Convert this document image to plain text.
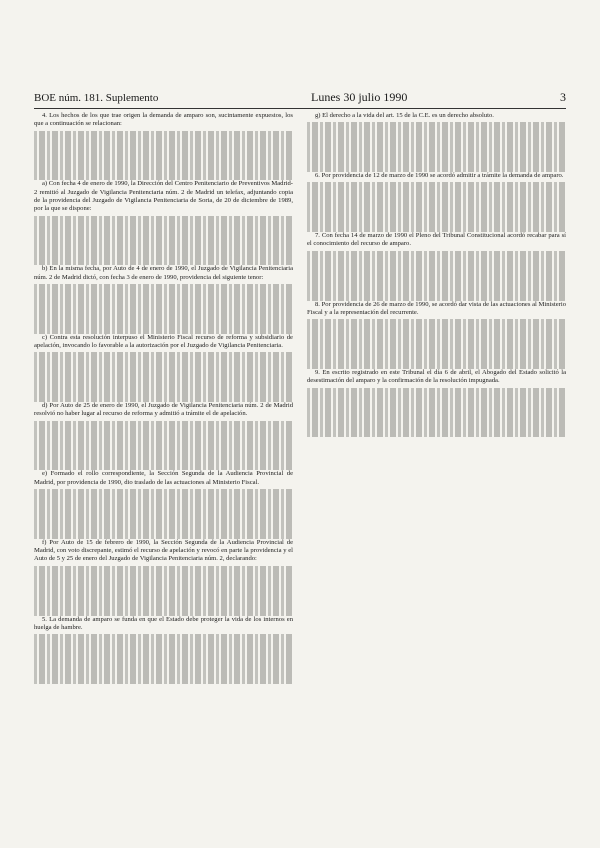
BOE núm. 181. Suplemento	Lunes 30 julio 1990	3

4. Los hechos de los que trae origen la demanda de amparo son, sucintamente expuestos, los que a continuación se relacionan:

a) Con fecha 4 de enero de 1990, la Dirección del Centro Penitenciario de Preventivos Madrid-2 remitió al Juzgado de Vigilancia Penitenciaria núm. 2 de Madrid un telefax, adjuntando copia de la providencia del Juzgado de Vigilancia Penitenciaria de Soria, de 20 de diciembre de 1989, por la que se dispone:

b) En la misma fecha, por Auto de 4 de enero de 1990, el Juzgado de Vigilancia Penitenciaria núm. 2 de Madrid dictó, con fecha 3 de enero de 1990, providencia del siguiente tenor:

c) Contra esta resolución interpuso el Ministerio Fiscal recurso de reforma y subsidiario de apelación, invocando lo favorable a la autorización por el Juzgado de Vigilancia Penitenciaria.

d) Por Auto de 25 de enero de 1990, el Juzgado de Vigilancia Penitenciaria núm. 2 de Madrid resolvió no haber lugar al recurso de reforma y admitió a trámite el de apelación.

e) Formado el rollo correspondiente, la Sección Segunda de la Audiencia Provincial de Madrid, por providencia de 1990, dio traslado de las actuaciones al Ministerio Fiscal.

f) Por Auto de 15 de febrero de 1990, la Sección Segunda de la Audiencia Provincial de Madrid, con voto discrepante, estimó el recurso de apelación y revocó en parte la providencia y el Auto de 5 y 25 de enero del Juzgado de Vigilancia Penitenciaria núm. 2, declarando:

5. La demanda de amparo se funda en que el Estado debe proteger la vida de los internos en huelga de hambre.

g) El derecho a la vida del art. 15 de la C.E. es un derecho absoluto.

6. Por providencia de 12 de marzo de 1990 se acordó admitir a trámite la demanda de amparo.

7. Con fecha 14 de marzo de 1990 el Pleno del Tribunal Constitucional acordó recabar para sí el conocimiento del recurso de amparo.

8. Por providencia de 26 de marzo de 1990, se acordó dar vista de las actuaciones al Ministerio Fiscal y a la representación del recurrente.

9. En escrito registrado en este Tribunal el día 6 de abril, el Abogado del Estado solicitó la desestimación del amparo y la confirmación de la resolución impugnada.
